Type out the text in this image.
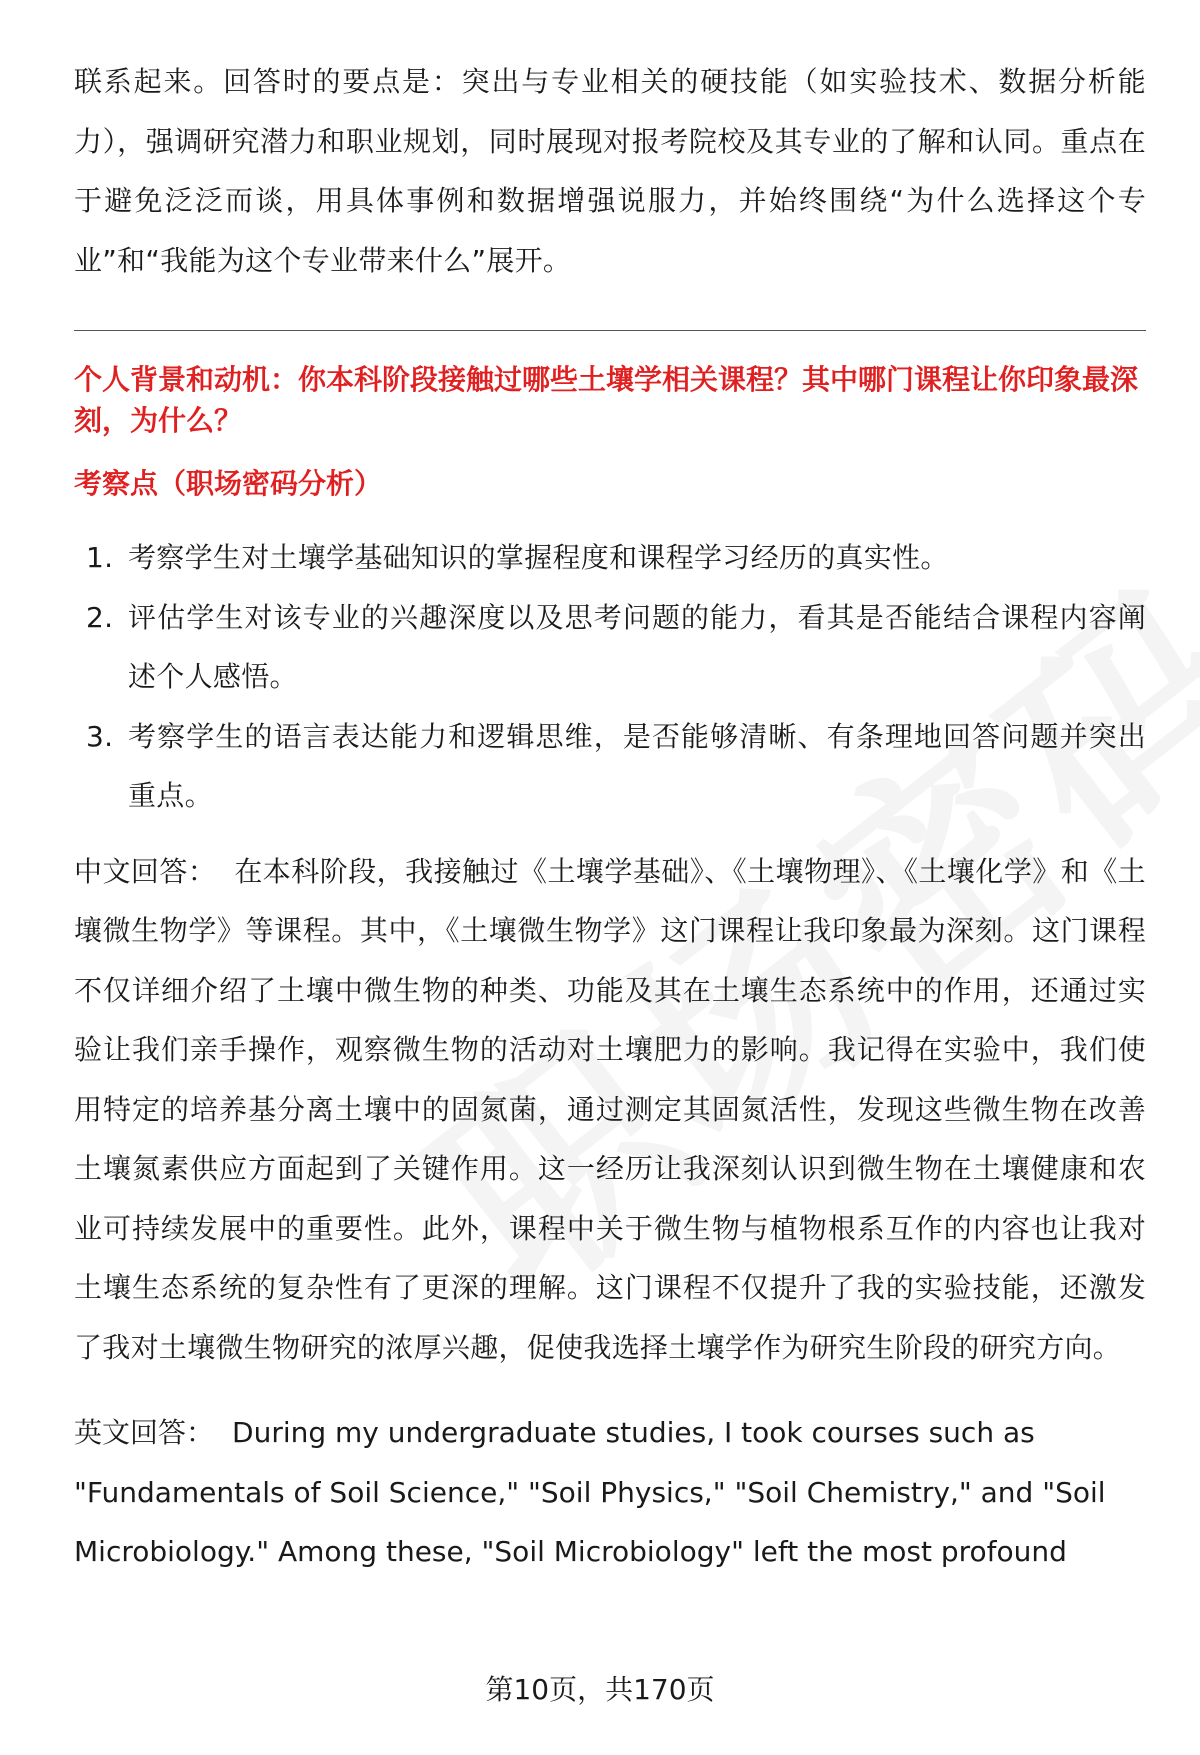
联系起来。回答时的要点是：突出与专业相关的硬技能（如实验技术、数据分析能力），强调研究潜力和职业规划，同时展现对报考院校及其专业的了解和认同。重点在于避免泛泛而谈，用具体事例和数据增强说服力，并始终围绕“为什么选择这个专业”和“我能为这个专业带来什么”展开。

个人背景和动机：你本科阶段接触过哪些土壤学相关课程？其中哪门课程让你印象最深刻，为什么？

考察点（职场密码分析）

1. 考察学生对土壤学基础知识的掌握程度和课程学习经历的真实性。
2. 评估学生对该专业的兴趣深度以及思考问题的能力，看其是否能结合课程内容阐述个人感悟。
3. 考察学生的语言表达能力和逻辑思维，是否能够清晰、有条理地回答问题并突出重点。

中文回答： 在本科阶段，我接触过《土壤学基础》、《土壤物理》、《土壤化学》和《土壤微生物学》等课程。其中，《土壤微生物学》这门课程让我印象最为深刻。这门课程不仅详细介绍了土壤中微生物的种类、功能及其在土壤生态系统中的作用，还通过实验让我们亲手操作，观察微生物的活动对土壤肥力的影响。我记得在实验中，我们使用特定的培养基分离土壤中的固氮菌，通过测定其固氮活性，发现这些微生物在改善土壤氮素供应方面起到了关键作用。这一经历让我深刻认识到微生物在土壤健康和农业可持续发展中的重要性。此外，课程中关于微生物与植物根系互作的内容也让我对土壤生态系统的复杂性有了更深的理解。这门课程不仅提升了我的实验技能，还激发了我对土壤微生物研究的浓厚兴趣，促使我选择土壤学作为研究生阶段的研究方向。

英文回答： During my undergraduate studies, I took courses such as "Fundamentals of Soil Science," "Soil Physics," "Soil Chemistry," and "Soil Microbiology." Among these, "Soil Microbiology" left the most profound

第10页，共170页
